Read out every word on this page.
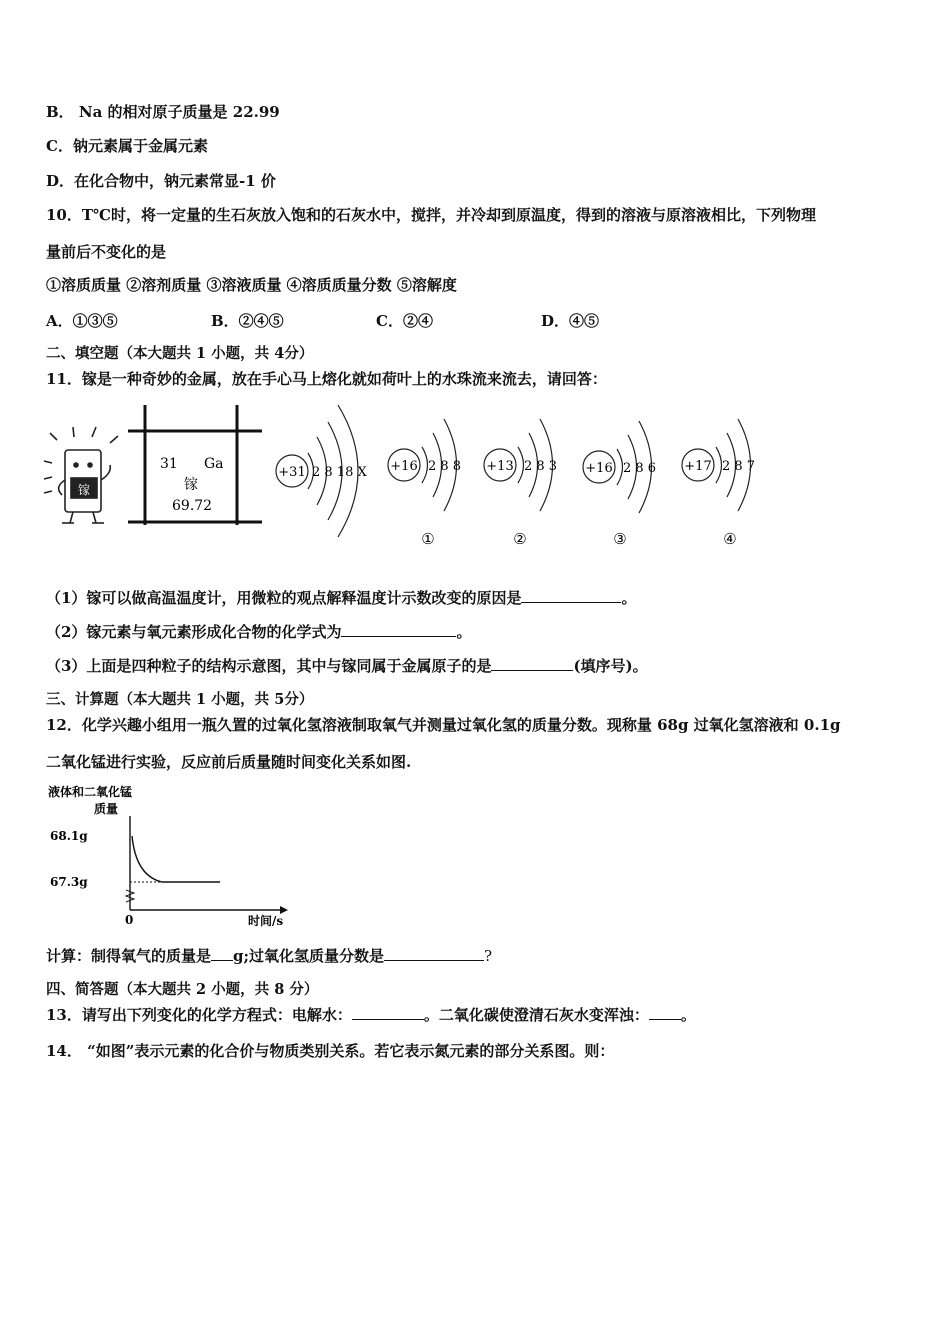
B． Na 的相对原子质量是 22.99
C．钠元素属于金属元素
D．在化合物中，钠元素常显-1 价
10．T℃时，将一定量的生石灰放入饱和的石灰水中，搅拌，并冷却到原温度，得到的溶液与原溶液相比，下列物理
量前后不变化的是
①溶质质量 ②溶剂质量 ③溶液质量 ④溶质质量分数 ⑤溶解度
A．①③⑤	B．②④⑤	C．②④	D．④⑤
二、填空题（本大题共 1 小题，共 4分）
11．镓是一种奇妙的金属，放在手心马上熔化就如荷叶上的水珠流来流去，请回答：
镓
31 Ga
镓
69.72
+31 2 8 18 X +16 2 8 8
①
+13 2 8 3
②
+16 2 8 6
③
+17 2 8 7
④
（1）镓可以做高温温度计，用微粒的观点解释温度计示数改变的原因是	。
（2）镓元素与氧元素形成化合物的化学式为	。
（3）上面是四种粒子的结构示意图，其中与镓同属于金属原子的是	(填序号)。
三、计算题（本大题共 1 小题，共 5分）
12．化学兴趣小组用一瓶久置的过氧化氢溶液制取氧气并测量过氧化氢的质量分数。现称量 68g 过氧化氢溶液和 0.1g
二氧化锰进行实验，反应前后质量随时间变化关系如图.
液体和二氧化锰
质量
68.1g
67.3g
0	时间/s
计算：制得氧气的质量是 g;过氧化氢质量分数是	?
四、简答题（本大题共 2 小题，共 8 分）
13．请写出下列变化的化学方程式：电解水：	。二氧化碳使澄清石灰水变浑浊： 。
14． “如图”表示元素的化合价与物质类别关系。若它表示氮元素的部分关系图。则：
